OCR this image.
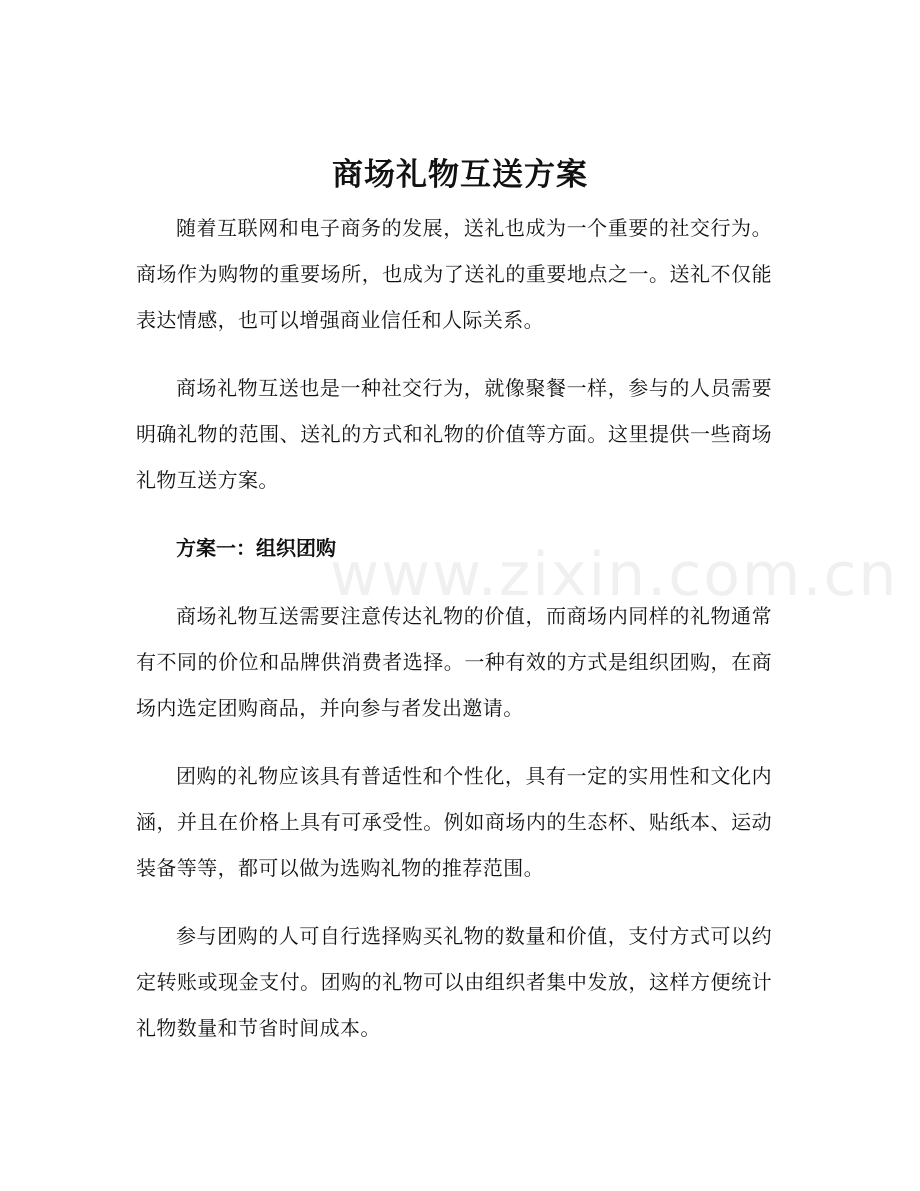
www.zixin.com.cn
商场礼物互送方案

随着互联网和电子商务的发展，送礼也成为一个重要的社交行为。商场作为购物的重要场所，也成为了送礼的重要地点之一。送礼不仅能表达情感，也可以增强商业信任和人际关系。

商场礼物互送也是一种社交行为，就像聚餐一样，参与的人员需要明确礼物的范围、送礼的方式和礼物的价值等方面。这里提供一些商场礼物互送方案。

方案一：组织团购

商场礼物互送需要注意传达礼物的价值，而商场内同样的礼物通常有不同的价位和品牌供消费者选择。一种有效的方式是组织团购，在商场内选定团购商品，并向参与者发出邀请。

团购的礼物应该具有普适性和个性化，具有一定的实用性和文化内涵，并且在价格上具有可承受性。例如商场内的生态杯、贴纸本、运动装备等等，都可以做为选购礼物的推荐范围。

参与团购的人可自行选择购买礼物的数量和价值，支付方式可以约定转账或现金支付。团购的礼物可以由组织者集中发放，这样方便统计礼物数量和节省时间成本。
